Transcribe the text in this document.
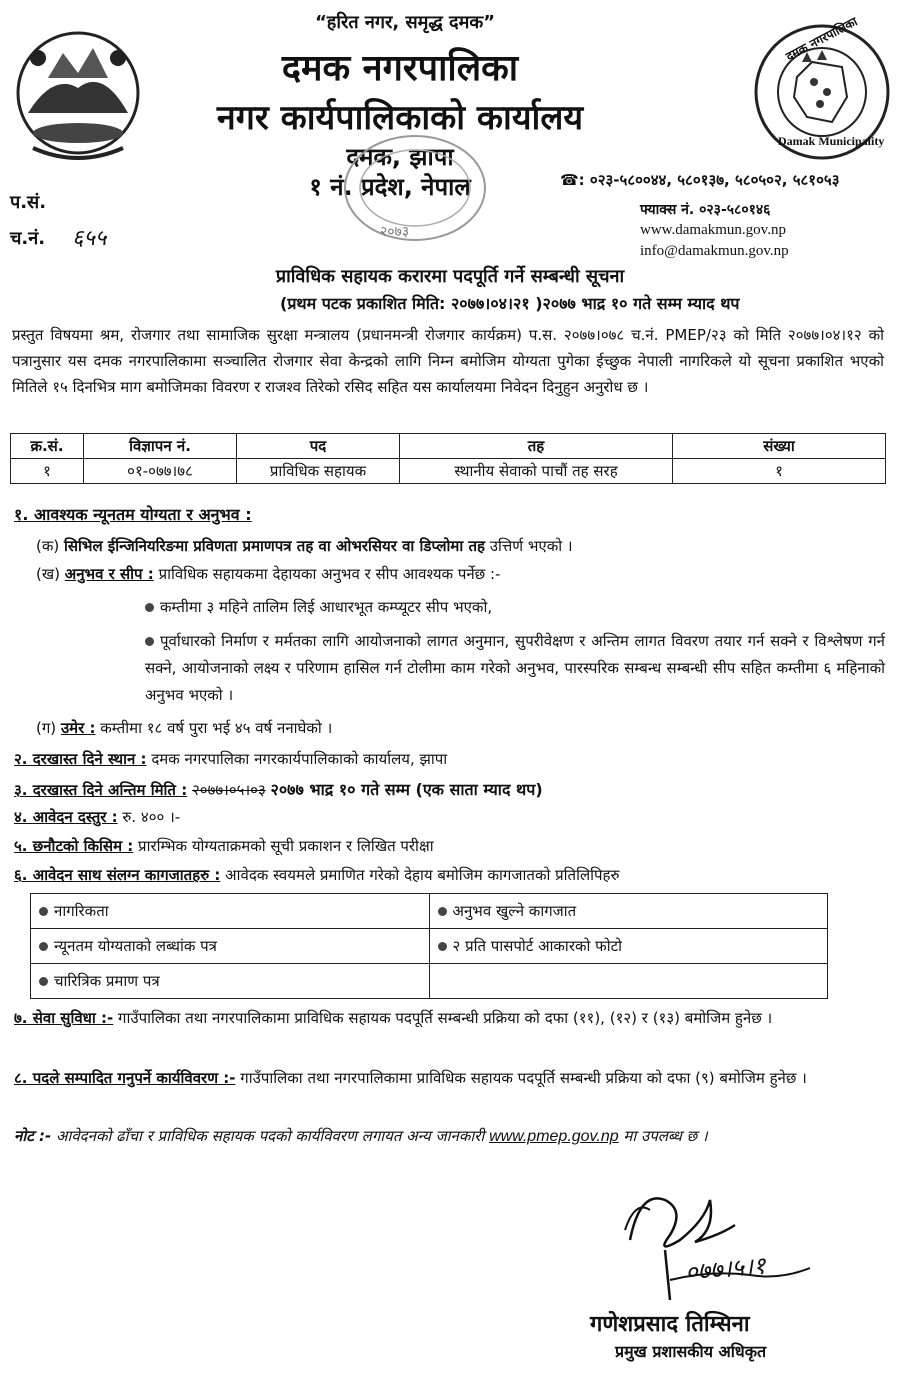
“हरित नगर, समृद्ध दमक”
दमक नगरपालिका
नगर कार्यपालिकाको कार्यालय
दमक, झापा
१ नं. प्रदेश, नेपाल
२०७३
दमक नगरपालिका
Damak Municipality
प.सं.
च.नं. ६५५
☎: ०२३-५८००४४, ५८०१३७, ५८०५०२, ५८१०५३
फ्याक्स नं. ०२३-५८०१४६
www.damakmun.gov.np
info@damakmun.gov.np
प्राविधिक सहायक करारमा पदपूर्ति गर्ने सम्बन्धी सूचना
(प्रथम पटक प्रकाशित मिति: २०७७।०४।२१ )२०७७ भाद्र १० गते सम्म म्याद थप
प्रस्तुत विषयमा श्रम, रोजगार तथा सामाजिक सुरक्षा मन्त्रालय (प्रधानमन्त्री रोजगार कार्यक्रम) प.स. २०७७।०७८ च.नं. PMEP/२३ को मिति २०७७।०४।१२ को पत्रानुसार यस दमक नगरपालिकामा सञ्चालित रोजगार सेवा केन्द्रको लागि निम्न बमोजिम योग्यता पुगेका ईच्छुक नेपाली नागरिकले यो सूचना प्रकाशित भएको मितिले १५ दिनभित्र माग बमोजिमका विवरण र राजश्व तिरेको रसिद सहित यस कार्यालयमा निवेदन दिनुहुन अनुरोध छ ।
क्र.सं.	विज्ञापन नं.	पद	तह	संख्या
१	०१-०७७।७८	प्राविधिक सहायक	स्थानीय सेवाको पाचौं तह सरह	१
१. आवश्यक न्यूनतम योग्यता र अनुभव :
(क) सिभिल ईन्जिनियरिङमा प्रविणता प्रमाणपत्र तह वा ओभरसियर वा डिप्लोमा तह उत्तिर्ण भएको ।
(ख) अनुभव र सीप : प्राविधिक सहायकमा देहायका अनुभव र सीप आवश्यक पर्नेछ :-
कम्तीमा ३ महिने तालिम लिई आधारभूत कम्प्यूटर सीप भएको,
पूर्वाधारको निर्माण र मर्मतका लागि आयोजनाको लागत अनुमान, सुपरीवेक्षण र अन्तिम लागत विवरण तयार गर्न सक्ने र विश्लेषण गर्न सक्ने, आयोजनाको लक्ष्य र परिणाम हासिल गर्न टोलीमा काम गरेको अनुभव, पारस्परिक सम्बन्ध सम्बन्धी सीप सहित कम्तीमा ६ महिनाको अनुभव भएको ।
(ग) उमेर : कम्तीमा १८ वर्ष पुरा भई ४५ वर्ष ननाघेको ।
२. दरखास्त दिने स्थान : दमक नगरपालिका नगरकार्यपालिकाको कार्यालय, झापा
३. दरखास्त दिने अन्तिम मिति : २०७७।०५।०३ २०७७ भाद्र १० गते सम्म (एक साता म्याद थप)
४. आवेदन दस्तुर : रु. ४०० ।-
५. छनौटको किसिम : प्रारम्भिक योग्यताक्रमको सूची प्रकाशन र लिखित परीक्षा
६. आवेदन साथ संलग्न कागजातहरु : आवेदक स्वयमले प्रमाणित गरेको देहाय बमोजिम कागजातको प्रतिलिपिहरु
नागरिकता	अनुभव खुल्ने कागजात
न्यूनतम योग्यताको लब्धांक पत्र	२ प्रति पासपोर्ट आकारको फोटो
चारित्रिक प्रमाण पत्र	
७. सेवा सुविधा :- गाउँपालिका तथा नगरपालिकामा प्राविधिक सहायक पदपूर्ति सम्बन्धी प्रक्रिया को दफा (११), (१२) र (१३) बमोजिम हुनेछ ।
८. पदले सम्पादित गनुपर्ने कार्यविवरण :- गाउँपालिका तथा नगरपालिकामा प्राविधिक सहायक पदपूर्ति सम्बन्धी प्रक्रिया को दफा (९) बमोजिम हुनेछ ।
नोट :- आवेदनको ढाँचा र प्राविधिक सहायक पदको कार्यविवरण लगायत अन्य जानकारी www.pmep.gov.np मा उपलब्ध छ ।
०७७।५।१
गणेशप्रसाद तिम्सिना
प्रमुख प्रशासकीय अधिकृत
